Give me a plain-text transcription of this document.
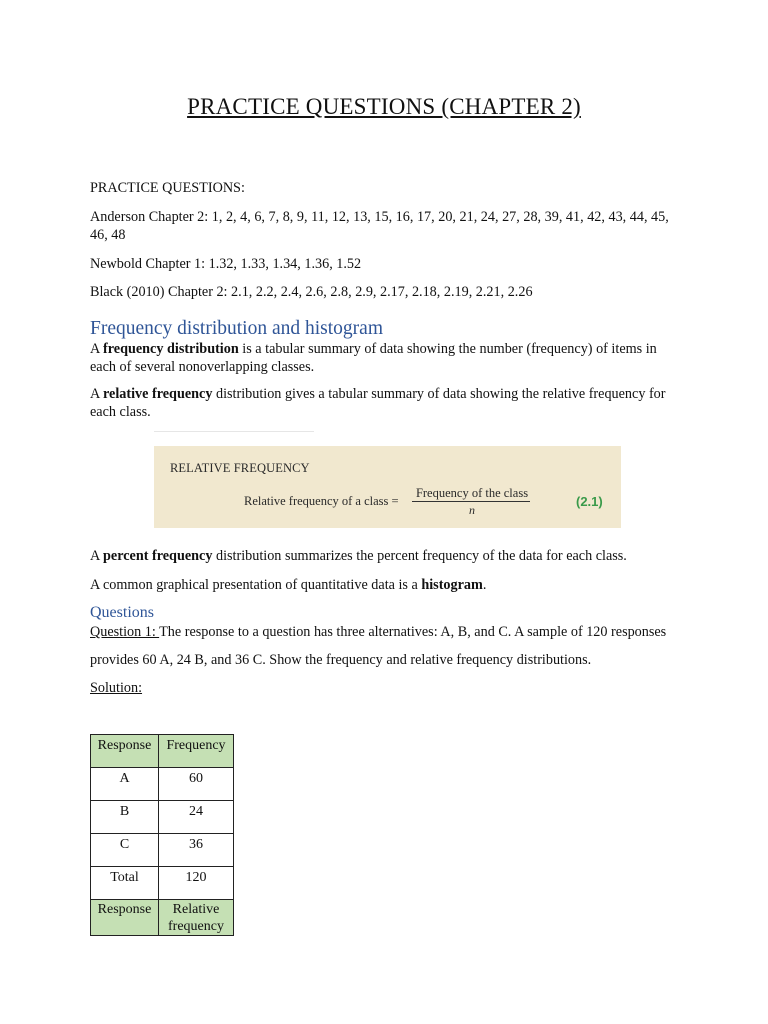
PRACTICE QUESTIONS (CHAPTER 2)
PRACTICE QUESTIONS:
Anderson Chapter 2: 1, 2, 4, 6, 7, 8, 9, 11, 12, 13, 15, 16, 17, 20, 21, 24, 27, 28, 39, 41, 42, 43, 44, 45, 46, 48
Newbold Chapter 1: 1.32, 1.33, 1.34, 1.36, 1.52
Black (2010) Chapter 2: 2.1, 2.2, 2.4, 2.6, 2.8, 2.9, 2.17, 2.18, 2.19, 2.21, 2.26
Frequency distribution and histogram
A frequency distribution is a tabular summary of data showing the number (frequency) of items in each of several nonoverlapping classes.
A relative frequency distribution gives a tabular summary of data showing the relative frequency for each class.
RELATIVE FREQUENCY
Relative frequency of a class =
Frequency of the class
n
(2.1)
A percent frequency distribution summarizes the percent frequency of the data for each class.
A common graphical presentation of quantitative data is a histogram.
Questions
Question 1: The response to a question has three alternatives: A, B, and C. A sample of 120 responses
provides 60 A, 24 B, and 36 C. Show the frequency and relative frequency distributions.
Solution:
Response	Frequency
A	60
B	24
C	36
Total	120
Response	Relative frequency
